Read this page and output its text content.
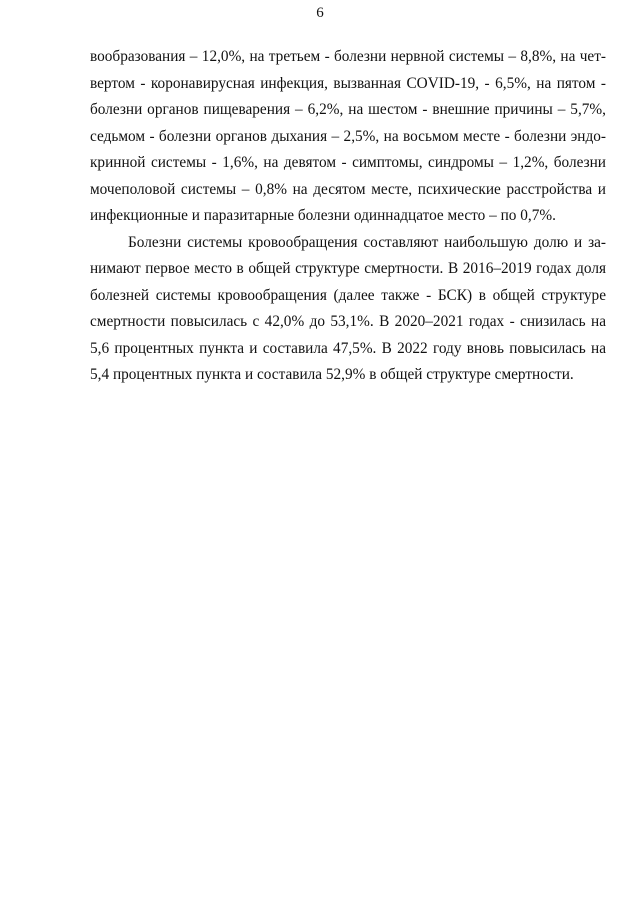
6
вообразования – 12,0%, на третьем - болезни нервной системы – 8,8%, на чет-
вертом - коронавирусная инфекция, вызванная COVID-19, - 6,5%, на пятом -
болезни органов пищеварения – 6,2%, на шестом - внешние причины – 5,7%,
седьмом - болезни органов дыхания – 2,5%, на восьмом месте - болезни эндо-
кринной системы - 1,6%, на девятом - симптомы, синдромы – 1,2%, болезни
мочеполовой системы – 0,8% на десятом месте, психические расстройства и
инфекционные и паразитарные болезни одиннадцатое место – по 0,7%.
Болезни системы кровообращения составляют наибольшую долю и за-
нимают первое место в общей структуре смертности. В 2016–2019 годах доля
болезней системы кровообращения (далее также - БСК) в общей структуре
смертности повысилась с 42,0% до 53,1%. В 2020–2021 годах - снизилась на
5,6 процентных пункта и составила 47,5%. В 2022 году вновь повысилась на
5,4 процентных пункта и составила 52,9% в общей структуре смертности.
